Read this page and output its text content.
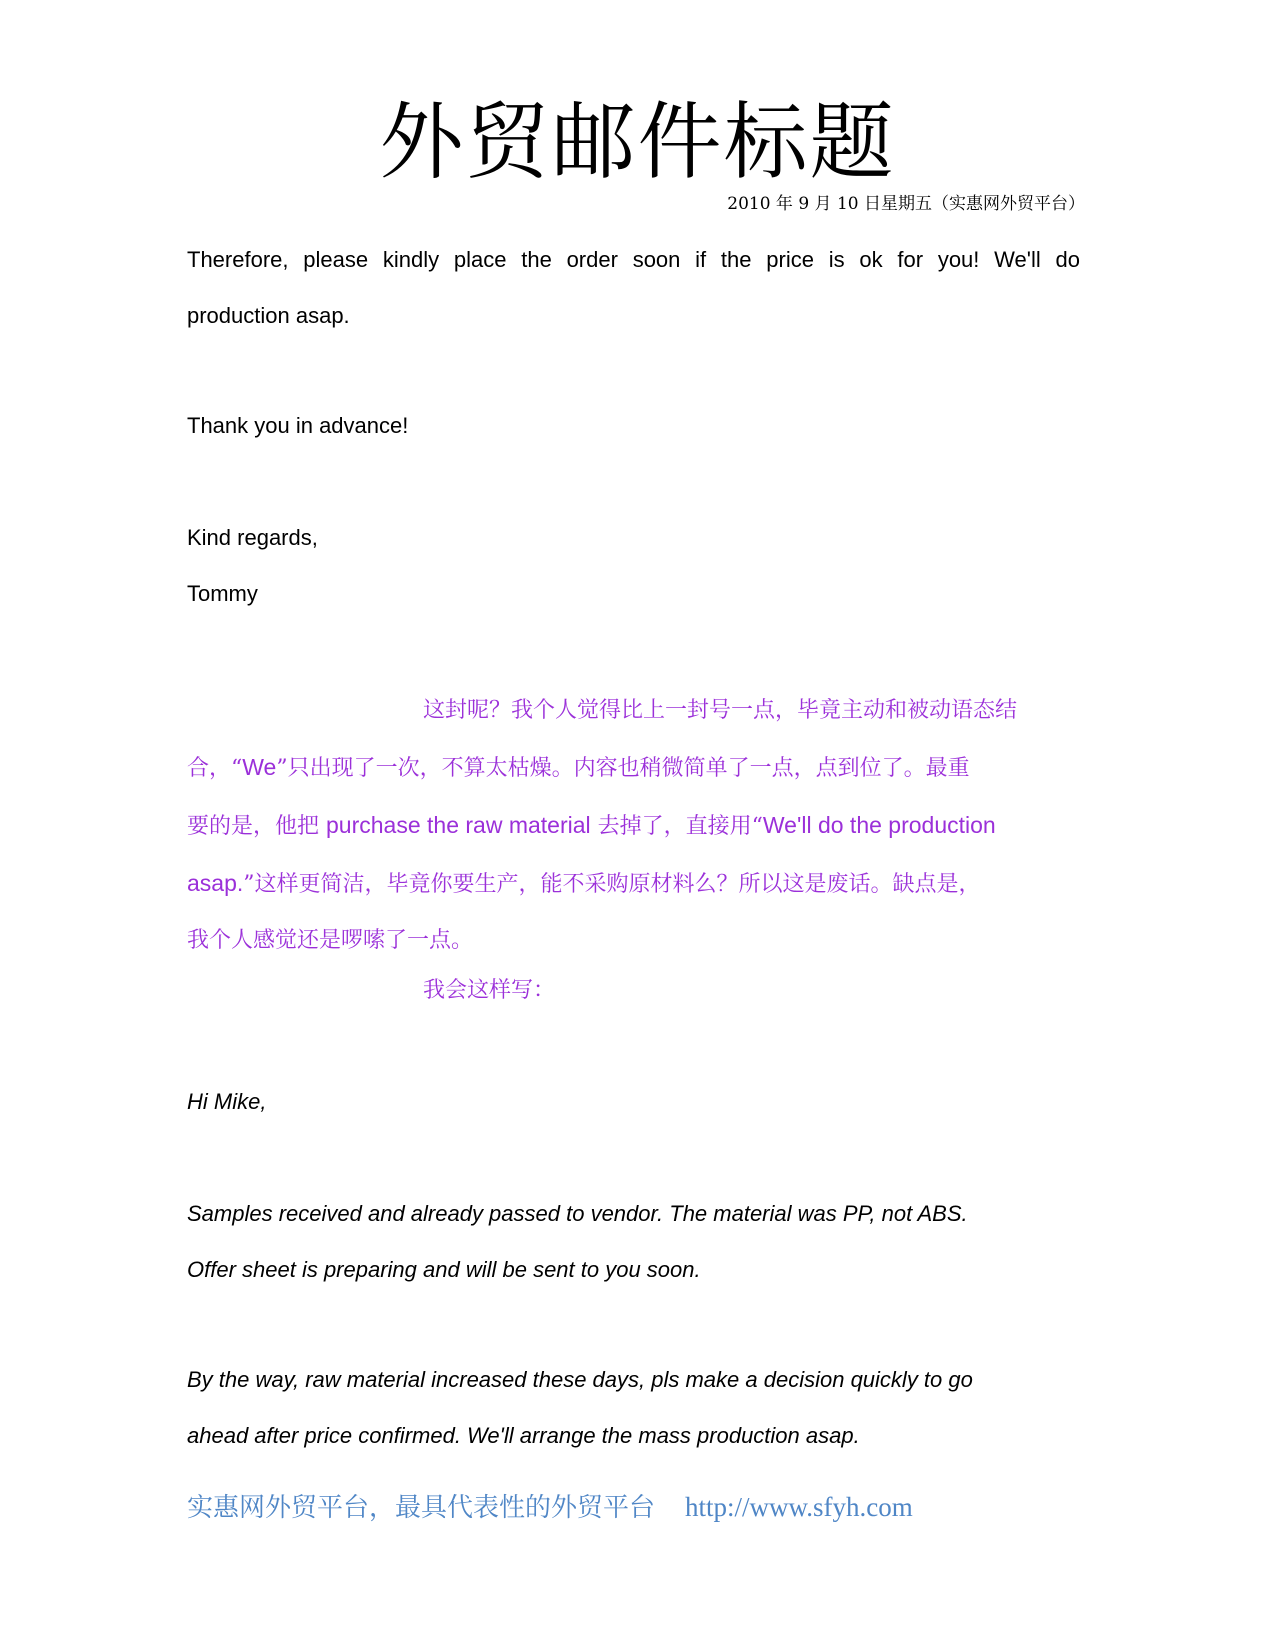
外贸邮件标题
2010 年 9 月 10 日星期五（实惠网外贸平台）
Therefore, please kindly place the order soon if the price is ok for you! We'll do
production asap.
Thank you in advance!
Kind regards,
Tommy
这封呢？我个人觉得比上一封号一点，毕竟主动和被动语态结
合，“We”只出现了一次，不算太枯燥。内容也稍微简单了一点，点到位了。最重
要的是，他把 purchase the raw material 去掉了，直接用“We'll do the production
asap.”这样更简洁，毕竟你要生产，能不采购原材料么？所以这是废话。缺点是，
我个人感觉还是啰嗦了一点。
我会这样写：
Hi Mike,
Samples received and already passed to vendor. The material was PP, not ABS.
Offer sheet is preparing and will be sent to you soon.
By the way, raw material increased these days, pls make a decision quickly to go
ahead after price confirmed. We'll arrange the mass production asap.
实惠网外贸平台，最具代表性的外贸平台 http://www.sfyh.com
